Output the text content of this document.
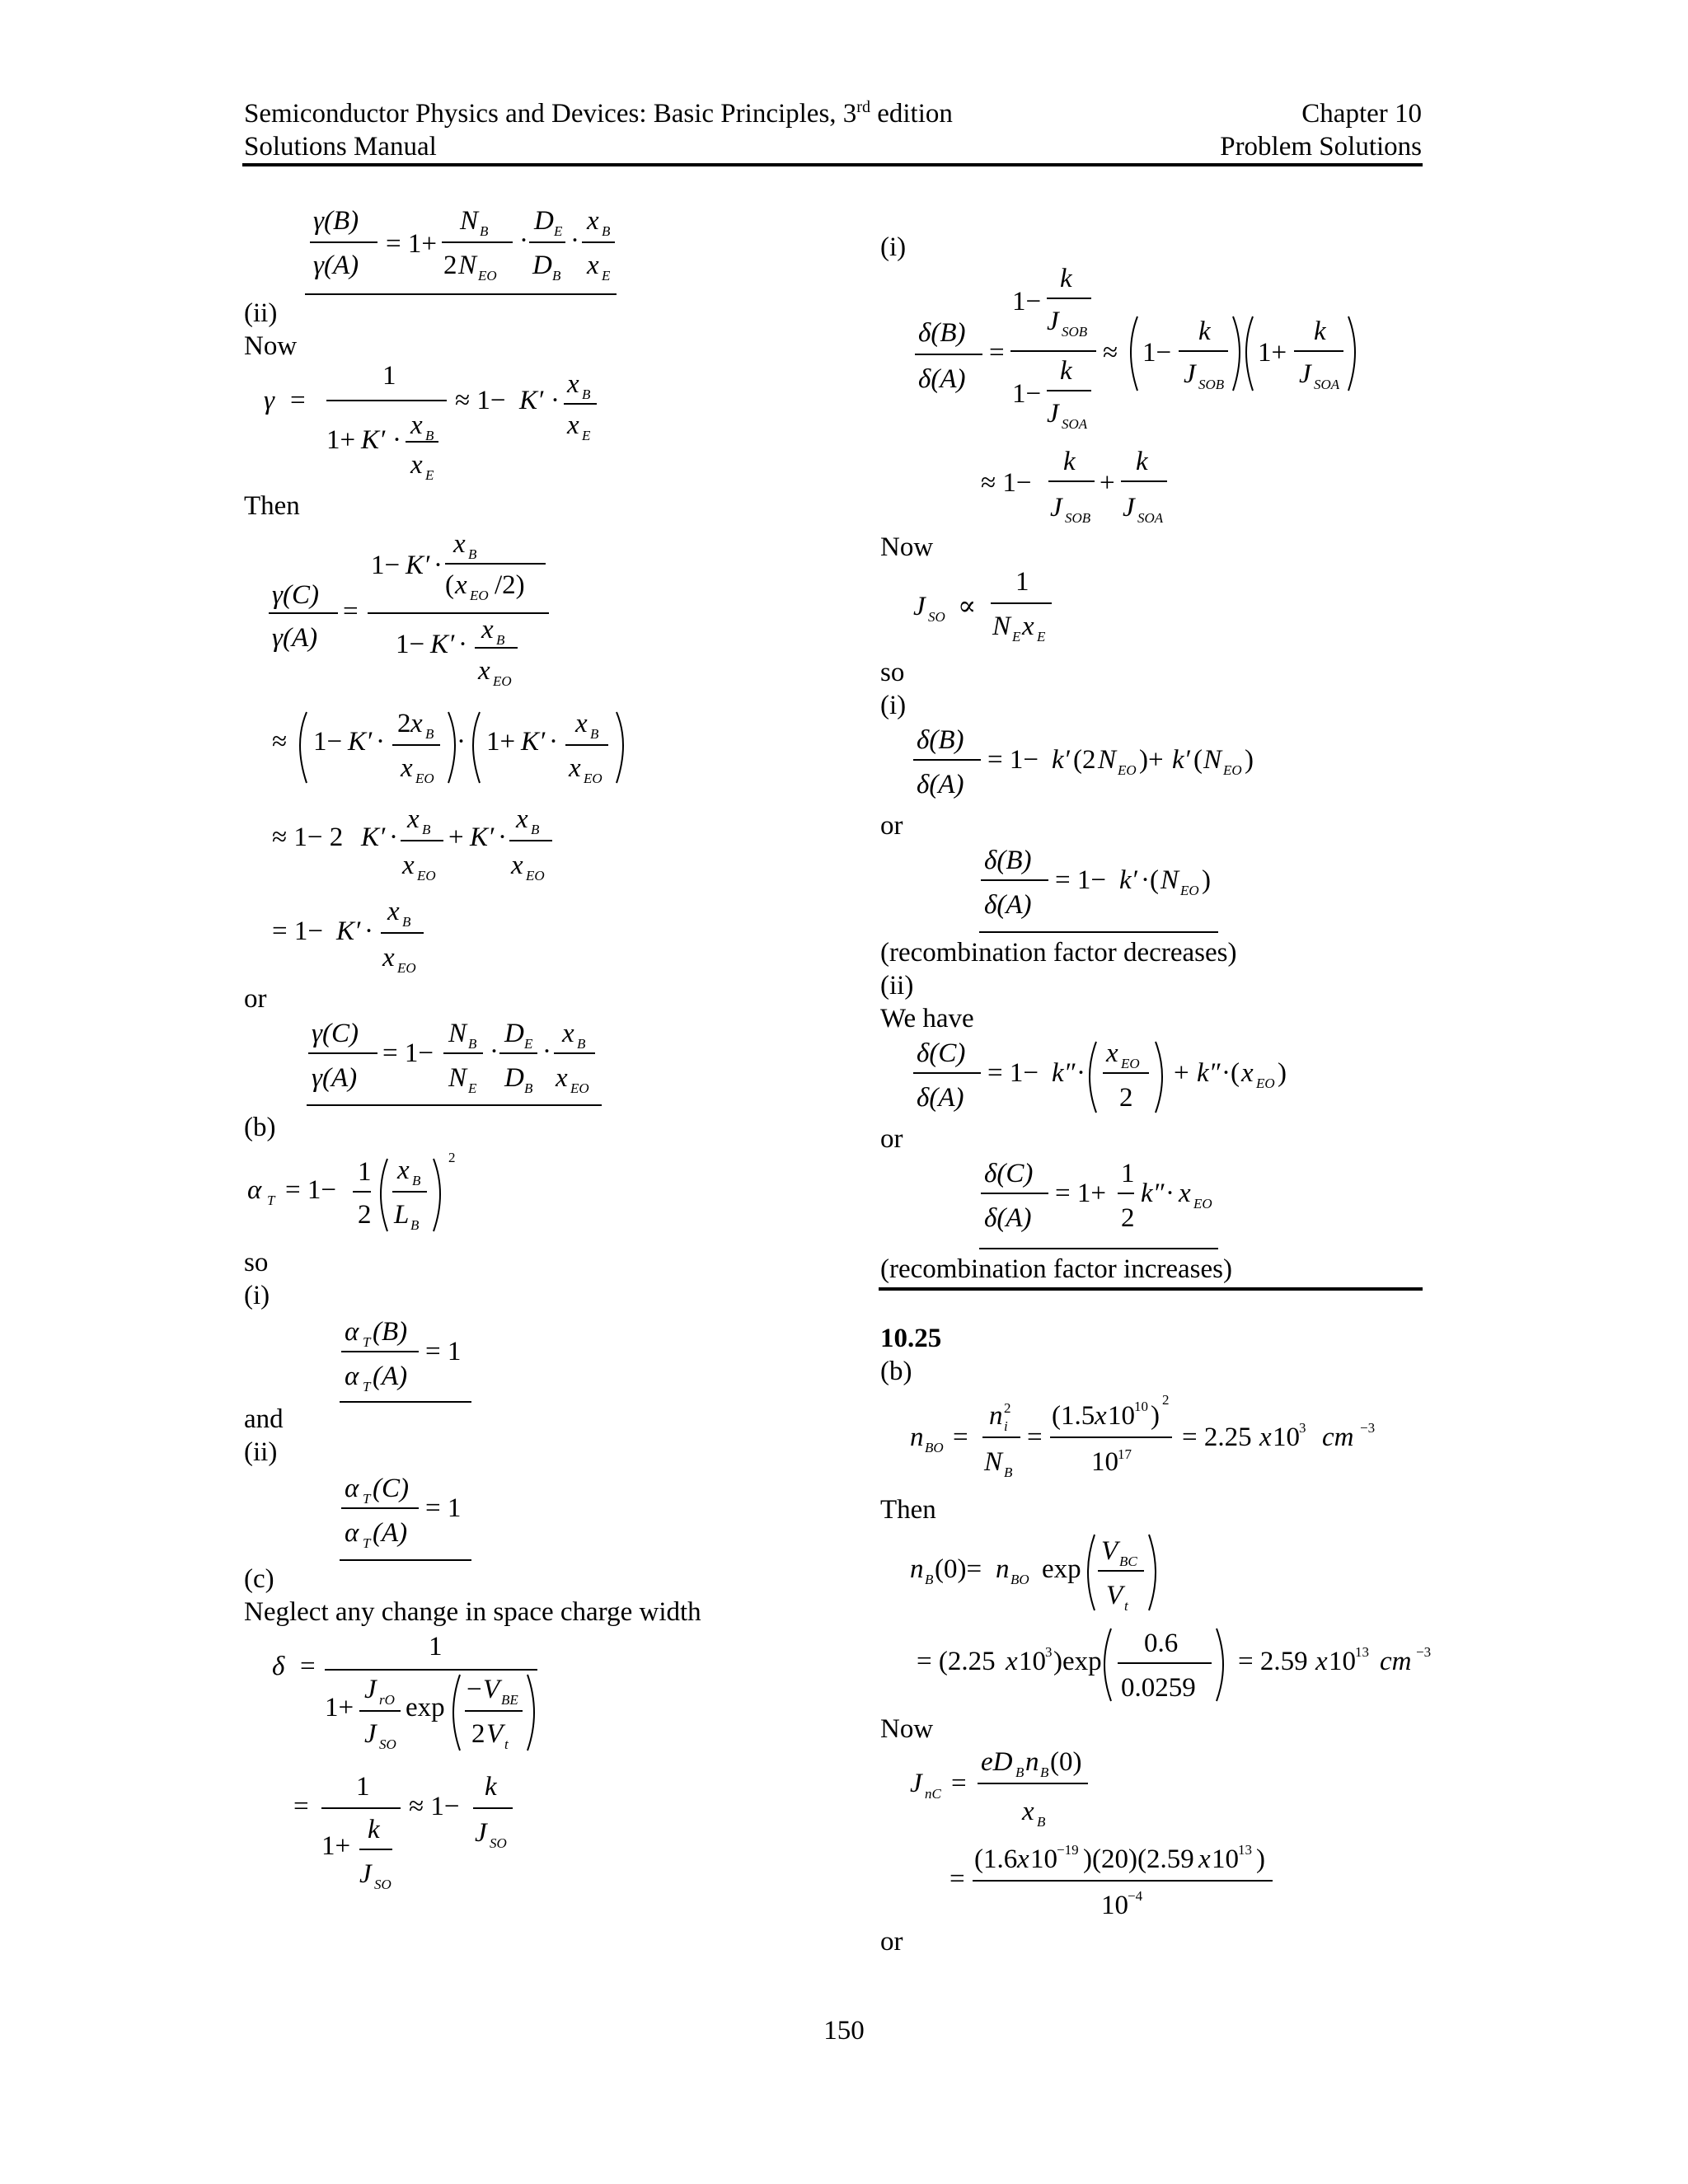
Semiconductor Physics and Devices: Basic Principles, 3rd edition
Solutions Manual
Chapter 10
Problem Solutions
γ(B)
γ(A)
= 1+
N B
2 N EO
·
D E
D B
·
x B
x E
(ii)
Now
γ =
1
1+ K′ · x B
x E
≈ 1− K′ ·
x B
x E
Then
γ(C)
γ(A)
=
1− K′ ·
x B
( x EO /2)
1− K′ · x B
x EO
≈ 1− K′ ·
2 x B
x EO
· 1+ K′ ·
x B
x EO
≈ 1− 2 K′ ·
x B
x EO
+ K′ ·
x B
x EO
= 1− K′ ·
x B
x EO
or
γ(C)
γ(A)
= 1−
N B
N E
·
D E
D B
·
x B
x EO
(b)
α T = 1−
1
2
x B
L B
2
so
(i)
α T (B)
α T (A)
= 1
and
(ii)
α T (C)
α T (A)
= 1
(c)
Neglect any change in space charge width
δ =
1
1+
J rO
J SO
exp
− V BE
2 V t
=
1
1+
k
J SO
≈ 1−
k
J SO
(i)
δ(B)
δ(A)
=
1−
k
J SOB
k
1−
J SOA
≈ 1−
k
J SOB
1+
k
J SOA
≈ 1−
k
J SOB
+
k
J SOA
Now
J SO ∝
1
N E x E
so
(i)
δ(B)
δ(A)
= 1− k′ (2 N EO )+ k′ ( N EO )
or
δ(B)
δ(A)
= 1− k′ ·( N EO )
(recombination factor decreases)
(ii)
We have
δ(C)
δ(A)
= 1− k″ ·
x EO
2
+ k″ ·( x EO )
or
δ(C)
δ(A)
= 1+
1
2
k″ · x EO
(recombination factor increases)
10.25
(b)
n BO =
n 2
i
N B
=
(1.5 x 10 10 )
2
10 17
= 2.25 x 10 3 cm −3
Then
n B (0)= n BO exp
V BC
V t
= (2.25 x 10 3 )exp
0.6
0.0259
= 2.59 x 10 13 cm −3
Now
J nC =
eD B n B (0)
x B
=
(1.6 x 10 −19 )(20)(2.59 x 10 13 )
10 −4
or
150
